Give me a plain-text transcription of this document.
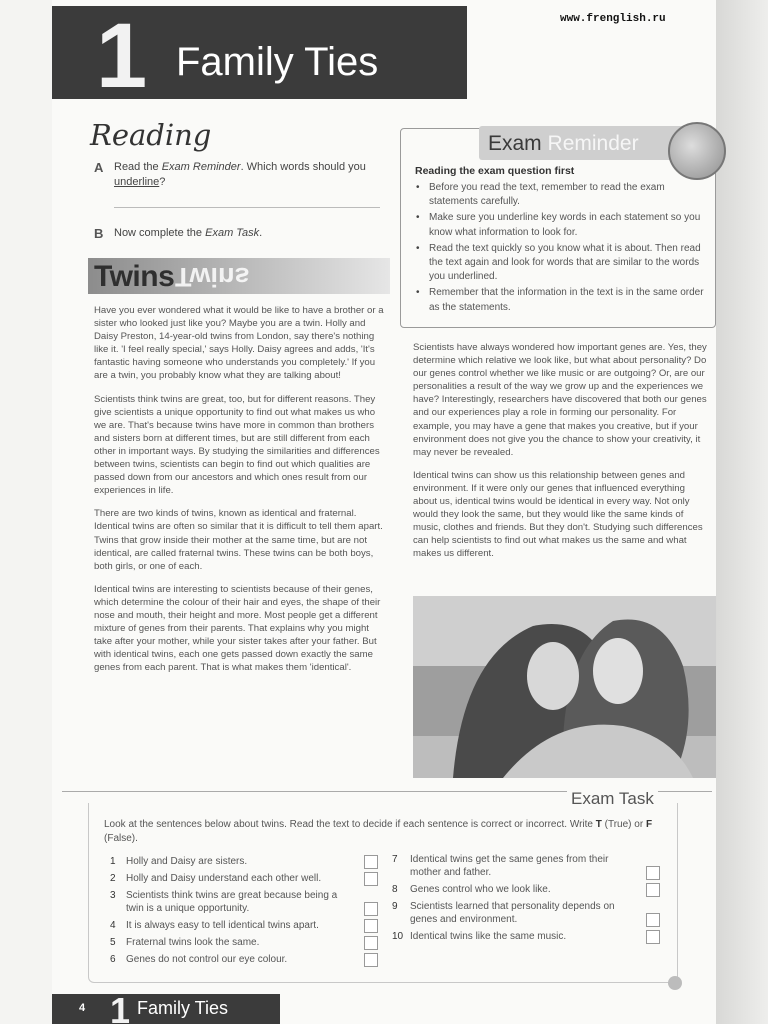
1 Family Ties
www.frenglish.ru
Reading
A Read the Exam Reminder. Which words should you underline?
B Now complete the Exam Task.
Twins Twins

Have you ever wondered what it would be like to have a brother or a sister who looked just like you? Maybe you are a twin. Holly and Daisy Preston, 14-year-old twins from London, say there's nothing like it. 'I feel really special,' says Holly. Daisy agrees and adds, 'It's fantastic having someone who understands you completely.' If you are a twin, you probably know what they are talking about!

Scientists think twins are great, too, but for different reasons. They give scientists a unique opportunity to find out what makes us who we are. That's because twins have more in common than brothers and sisters born at different times, but are still different from each other in important ways. By studying the similarities and differences between twins, scientists can begin to find out which qualities are passed down from our ancestors and which ones result from our experiences in life.

There are two kinds of twins, known as identical and fraternal. Identical twins are often so similar that it is difficult to tell them apart. Twins that grow inside their mother at the same time, but are not identical, are called fraternal twins. These twins can be both boys, both girls, or one of each.

Identical twins are interesting to scientists because of their genes, which determine the colour of their hair and eyes, the shape of their nose and mouth, their height and more. Most people get a different mixture of genes from their parents. That explains why you might take after your mother, while your sister takes after your father. But with identical twins, each one gets passed down exactly the same genes from each parent. That is what makes them 'identical'.

Exam Reminder
Reading the exam question first
• Before you read the text, remember to read the exam statements carefully.
• Make sure you underline key words in each statement so you know what information to look for.
• Read the text quickly so you know what it is about. Then read the text again and look for words that are similar to the words you underlined.
• Remember that the information in the text is in the same order as the statements.

Scientists have always wondered how important genes are. Yes, they determine which relative we look like, but what about personality? Do our genes control whether we like music or are outgoing? Or, are our personalities a result of the way we grow up and the experiences we have? Interestingly, researchers have discovered that both our genes and our experiences play a role in forming our personality. For example, you may have a gene that makes you creative, but if your environment does not give you the chance to show your creativity, it may never be revealed.

Identical twins can show us this relationship between genes and environment. If it were only our genes that influenced everything about us, identical twins would be identical in every way. Not only would they look the same, but they would like the same kinds of music, clothes and friends. But they don't. Studying such differences can help scientists to find out what makes us the same and what makes us different.

Exam Task
Look at the sentences below about twins. Read the text to decide if each sentence is correct or incorrect. Write T (True) or F (False).
1 Holly and Daisy are sisters.
2 Holly and Daisy understand each other well.
3 Scientists think twins are great because being a twin is a unique opportunity.
4 It is always easy to tell identical twins apart.
5 Fraternal twins look the same.
6 Genes do not control our eye colour.
7 Identical twins get the same genes from their mother and father.
8 Genes control who we look like.
9 Scientists learned that personality depends on genes and environment.
10 Identical twins like the same music.
4 1 Family Ties
